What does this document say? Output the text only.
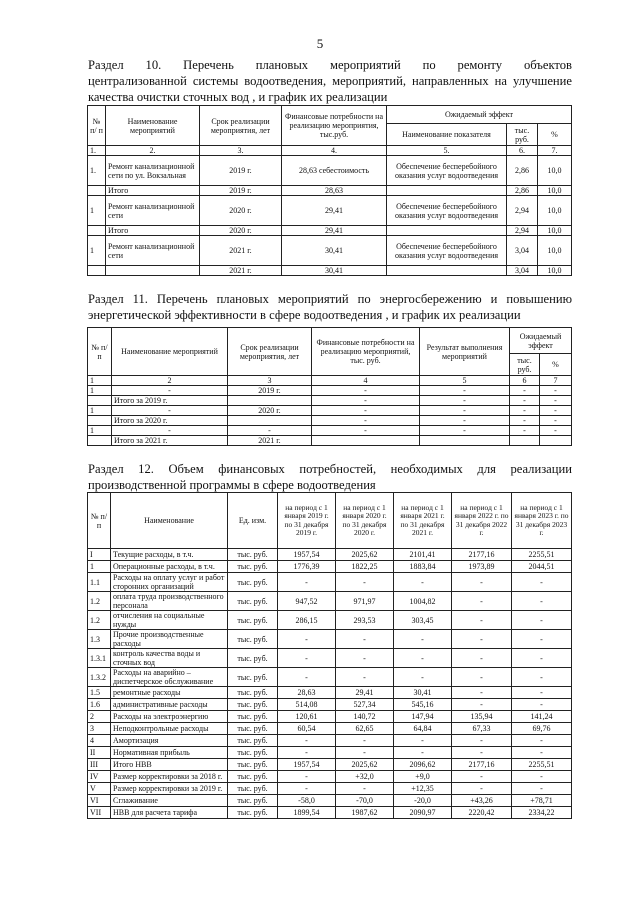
5
Раздел 10. Перечень плановых мероприятий по ремонту объектов
централизованной системы водоотведения, мероприятий, направленных на улучшение
качества очистки сточных вод , и график их реализации
№ п/ п	Наименование мероприятий	Срок реализации мероприятия, лет	Финансовые потребности на реализацию мероприятия, тыс.руб.	Ожидаемый эффект		
				Наименование показателя	тыс. руб.	%
1.	2.	3.	4.	5.	6.	7.
1.	Ремонт канализационной сети по ул. Вокзальная	2019 г.	28,63 себестоимость	Обеспечение бесперебойного оказания услуг водоотведения	2,86	10,0
	Итого	2019 г.	28,63		2,86	10,0
1	Ремонт канализационной сети	2020 г.	29,41	Обеспечение бесперебойного оказания услуг водоотведения	2,94	10,0
	Итого	2020 г.	29,41		2,94	10,0
1	Ремонт канализационной сети	2021 г.	30,41	Обеспечение бесперебойного оказания услуг водоотведения	3,04	10,0
		2021 г.	30,41		3,04	10,0
Раздел 11. Перечень плановых мероприятий по энергосбережению и повышению
энергетической эффективности в сфере водоотведения , и график их реализации
№ п/п	Наименование мероприятий	Срок реализации мероприятия, лет	Финансовые потребности на реализацию мероприятий, тыс. руб.	Результат выполнения мероприятий	Ожидаемый эффект	
					тыс. руб.	%
1	2	3	4	5	6	7
1	-	2019 г.	-	-	-	-
	Итого за 2019 г.		-	-	-	-
1	-	2020 г.	-	-	-	-
	Итого за 2020 г.		-	-	-	-
1	-	-	-	-	-	-
	Итого за 2021 г.	2021 г.				
Раздел 12. Объем финансовых потребностей, необходимых для реализации
производственной программы в сфере водоотведения
№ п/п	Наименование	Ед. изм.	на период с 1 января 2019 г. по 31 декабря 2019 г.	на период с 1 января 2020 г. по 31 декабря 2020 г.	на период с 1 января 2021 г. по 31 декабря 2021 г.	на период с 1 января 2022 г. по 31 декабря 2022 г.	на период с 1 января 2023 г. по 31 декабря 2023 г.
I	Текущие расходы, в т.ч.	тыс. руб.	1957,54	2025,62	2101,41	2177,16	2255,51
1	Операционные расходы, в т.ч.	тыс. руб.	1776,39	1822,25	1883,84	1973,89	2044,51
1.1	Расходы на оплату услуг и работ сторонних организаций	тыс. руб.	-	-	-	-	-
1.2	оплата труда производственного персонала	тыс. руб.	947,52	971,97	1004,82	-	-
1.2	отчисления на социальные нужды	тыс. руб.	286,15	293,53	303,45	-	-
1.3	Прочие производственные расходы	тыс. руб.	-	-	-	-	-
1.3.1	контроль качества воды и сточных вод	тыс. руб.	-	-	-	-	-
1.3.2	Расходы на аварийно – диспетчерское обслуживание	тыс. руб.	-	-	-	-	-
1.5	ремонтные расходы	тыс. руб.	28,63	29,41	30,41	-	-
1.6	административные расходы	тыс. руб.	514,08	527,34	545,16	-	-
2	Расходы на электроэнергию	тыс. руб.	120,61	140,72	147,94	135,94	141,24
3	Неподконтрольные расходы	тыс. руб.	60,54	62,65	64,84	67,33	69,76
4	Амортизация	тыс. руб.	-	-	-	-	-
II	Нормативная прибыль	тыс. руб.	-	-	-	-	-
III	Итого НВВ	тыс. руб.	1957,54	2025,62	2096,62	2177,16	2255,51
IV	Размер корректировки за 2018 г.	тыс. руб.	-	+32,0	+9,0	-	-
V	Размер корректировки за 2019 г.	тыс. руб.	-	-	+12,35	-	-
VI	Сглаживание	тыс. руб.	-58,0	-70,0	-20,0	+43,26	+78,71
VII	НВВ для расчета тарифа	тыс. руб.	1899,54	1987,62	2090,97	2220,42	2334,22
